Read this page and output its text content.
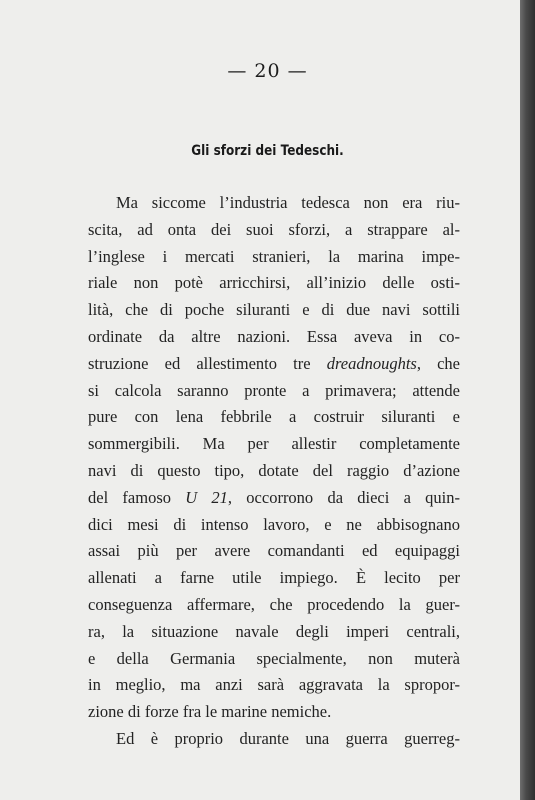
— 20 —
Gli sforzi dei Tedeschi.

Ma siccome l’industria tedesca non era riu-
scita, ad onta dei suoi sforzi, a strappare al-
l’inglese i mercati stranieri, la marina impe-
riale non potè arricchirsi, all’inizio delle osti-
lità, che di poche siluranti e di due navi sottili
ordinate da altre nazioni. Essa aveva in co-
struzione ed allestimento tre dreadnoughts, che
si calcola saranno pronte a primavera; attende
pure con lena febbrile a costruir siluranti e
sommergibili. Ma per allestir completamente
navi di questo tipo, dotate del raggio d’azione
del famoso U 21, occorrono da dieci a quin-
dici mesi di intenso lavoro, e ne abbisognano
assai più per avere comandanti ed equipaggi
allenati a farne utile impiego. È lecito per
conseguenza affermare, che procedendo la guer-
ra, la situazione navale degli imperi centrali,
e della Germania specialmente, non muterà
in meglio, ma anzi sarà aggravata la spropor-
zione di forze fra le marine nemiche.

Ed è proprio durante una guerra guerreg-
